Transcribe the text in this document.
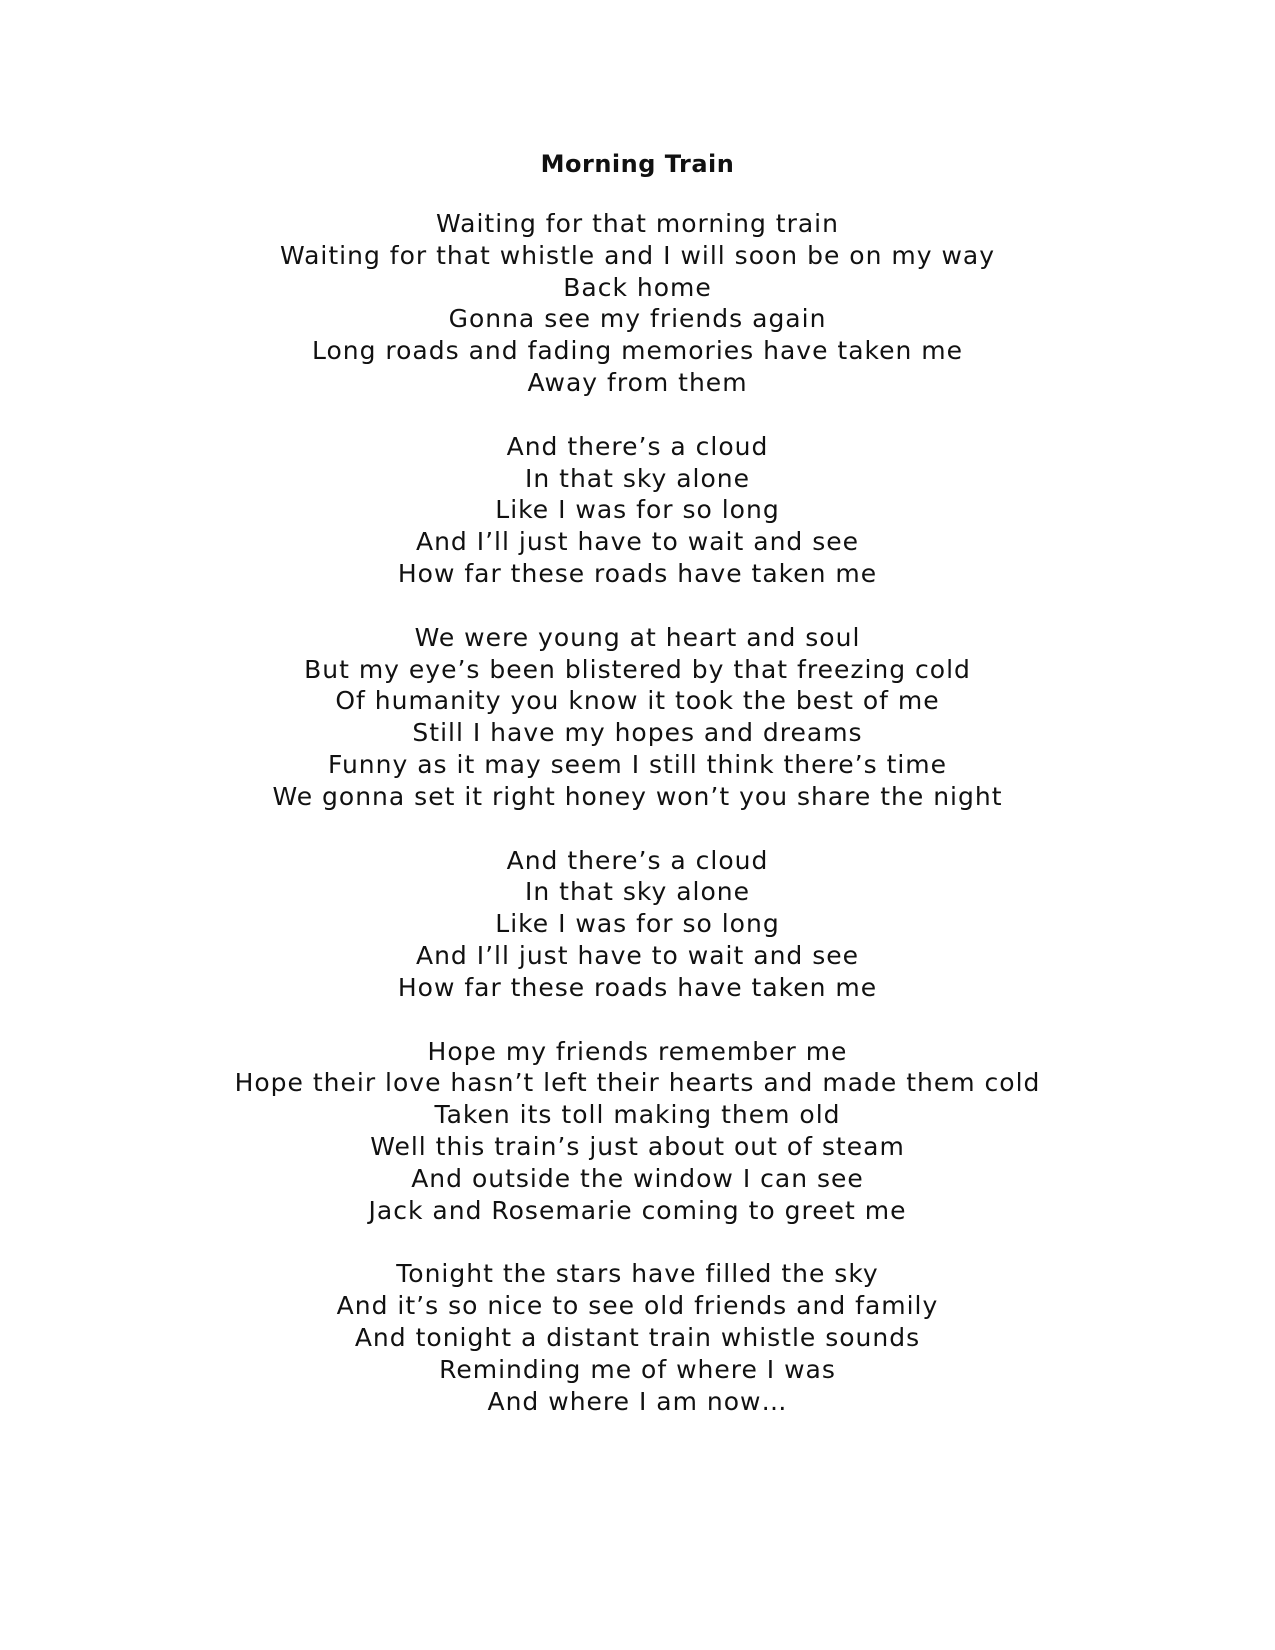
Morning Train
Waiting for that morning train
Waiting for that whistle and I will soon be on my way
Back home
Gonna see my friends again
Long roads and fading memories have taken me
Away from them
And there’s a cloud
In that sky alone
Like I was for so long
And I’ll just have to wait and see
How far these roads have taken me
We were young at heart and soul
But my eye’s been blistered by that freezing cold
Of humanity you know it took the best of me
Still I have my hopes and dreams
Funny as it may seem I still think there’s time
We gonna set it right honey won’t you share the night
And there’s a cloud
In that sky alone
Like I was for so long
And I’ll just have to wait and see
How far these roads have taken me
Hope my friends remember me
Hope their love hasn’t left their hearts and made them cold
Taken its toll making them old
Well this train’s just about out of steam
And outside the window I can see
Jack and Rosemarie coming to greet me
Tonight the stars have filled the sky
And it’s so nice to see old friends and family
And tonight a distant train whistle sounds
Reminding me of where I was
And where I am now…
